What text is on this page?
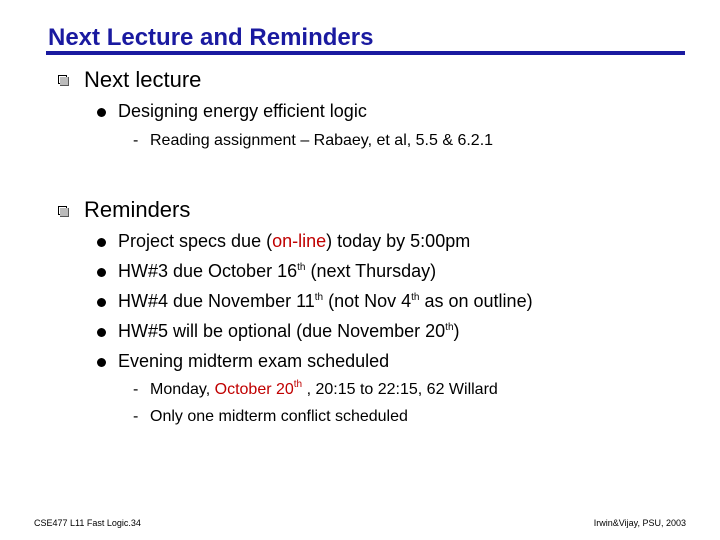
Next Lecture and Reminders
Next lecture
Designing energy efficient logic
- Reading assignment – Rabaey, et al, 5.5 & 6.2.1
Reminders
Project specs due (on-line) today by 5:00pm
HW#3 due October 16th (next Thursday)
HW#4 due November 11th (not Nov 4th as on outline)
HW#5 will be optional (due November 20th)
Evening midterm exam scheduled
- Monday, October 20th , 20:15 to 22:15, 62 Willard
- Only one midterm conflict scheduled
CSE477 L11 Fast Logic.34	Irwin&Vijay, PSU, 2003
